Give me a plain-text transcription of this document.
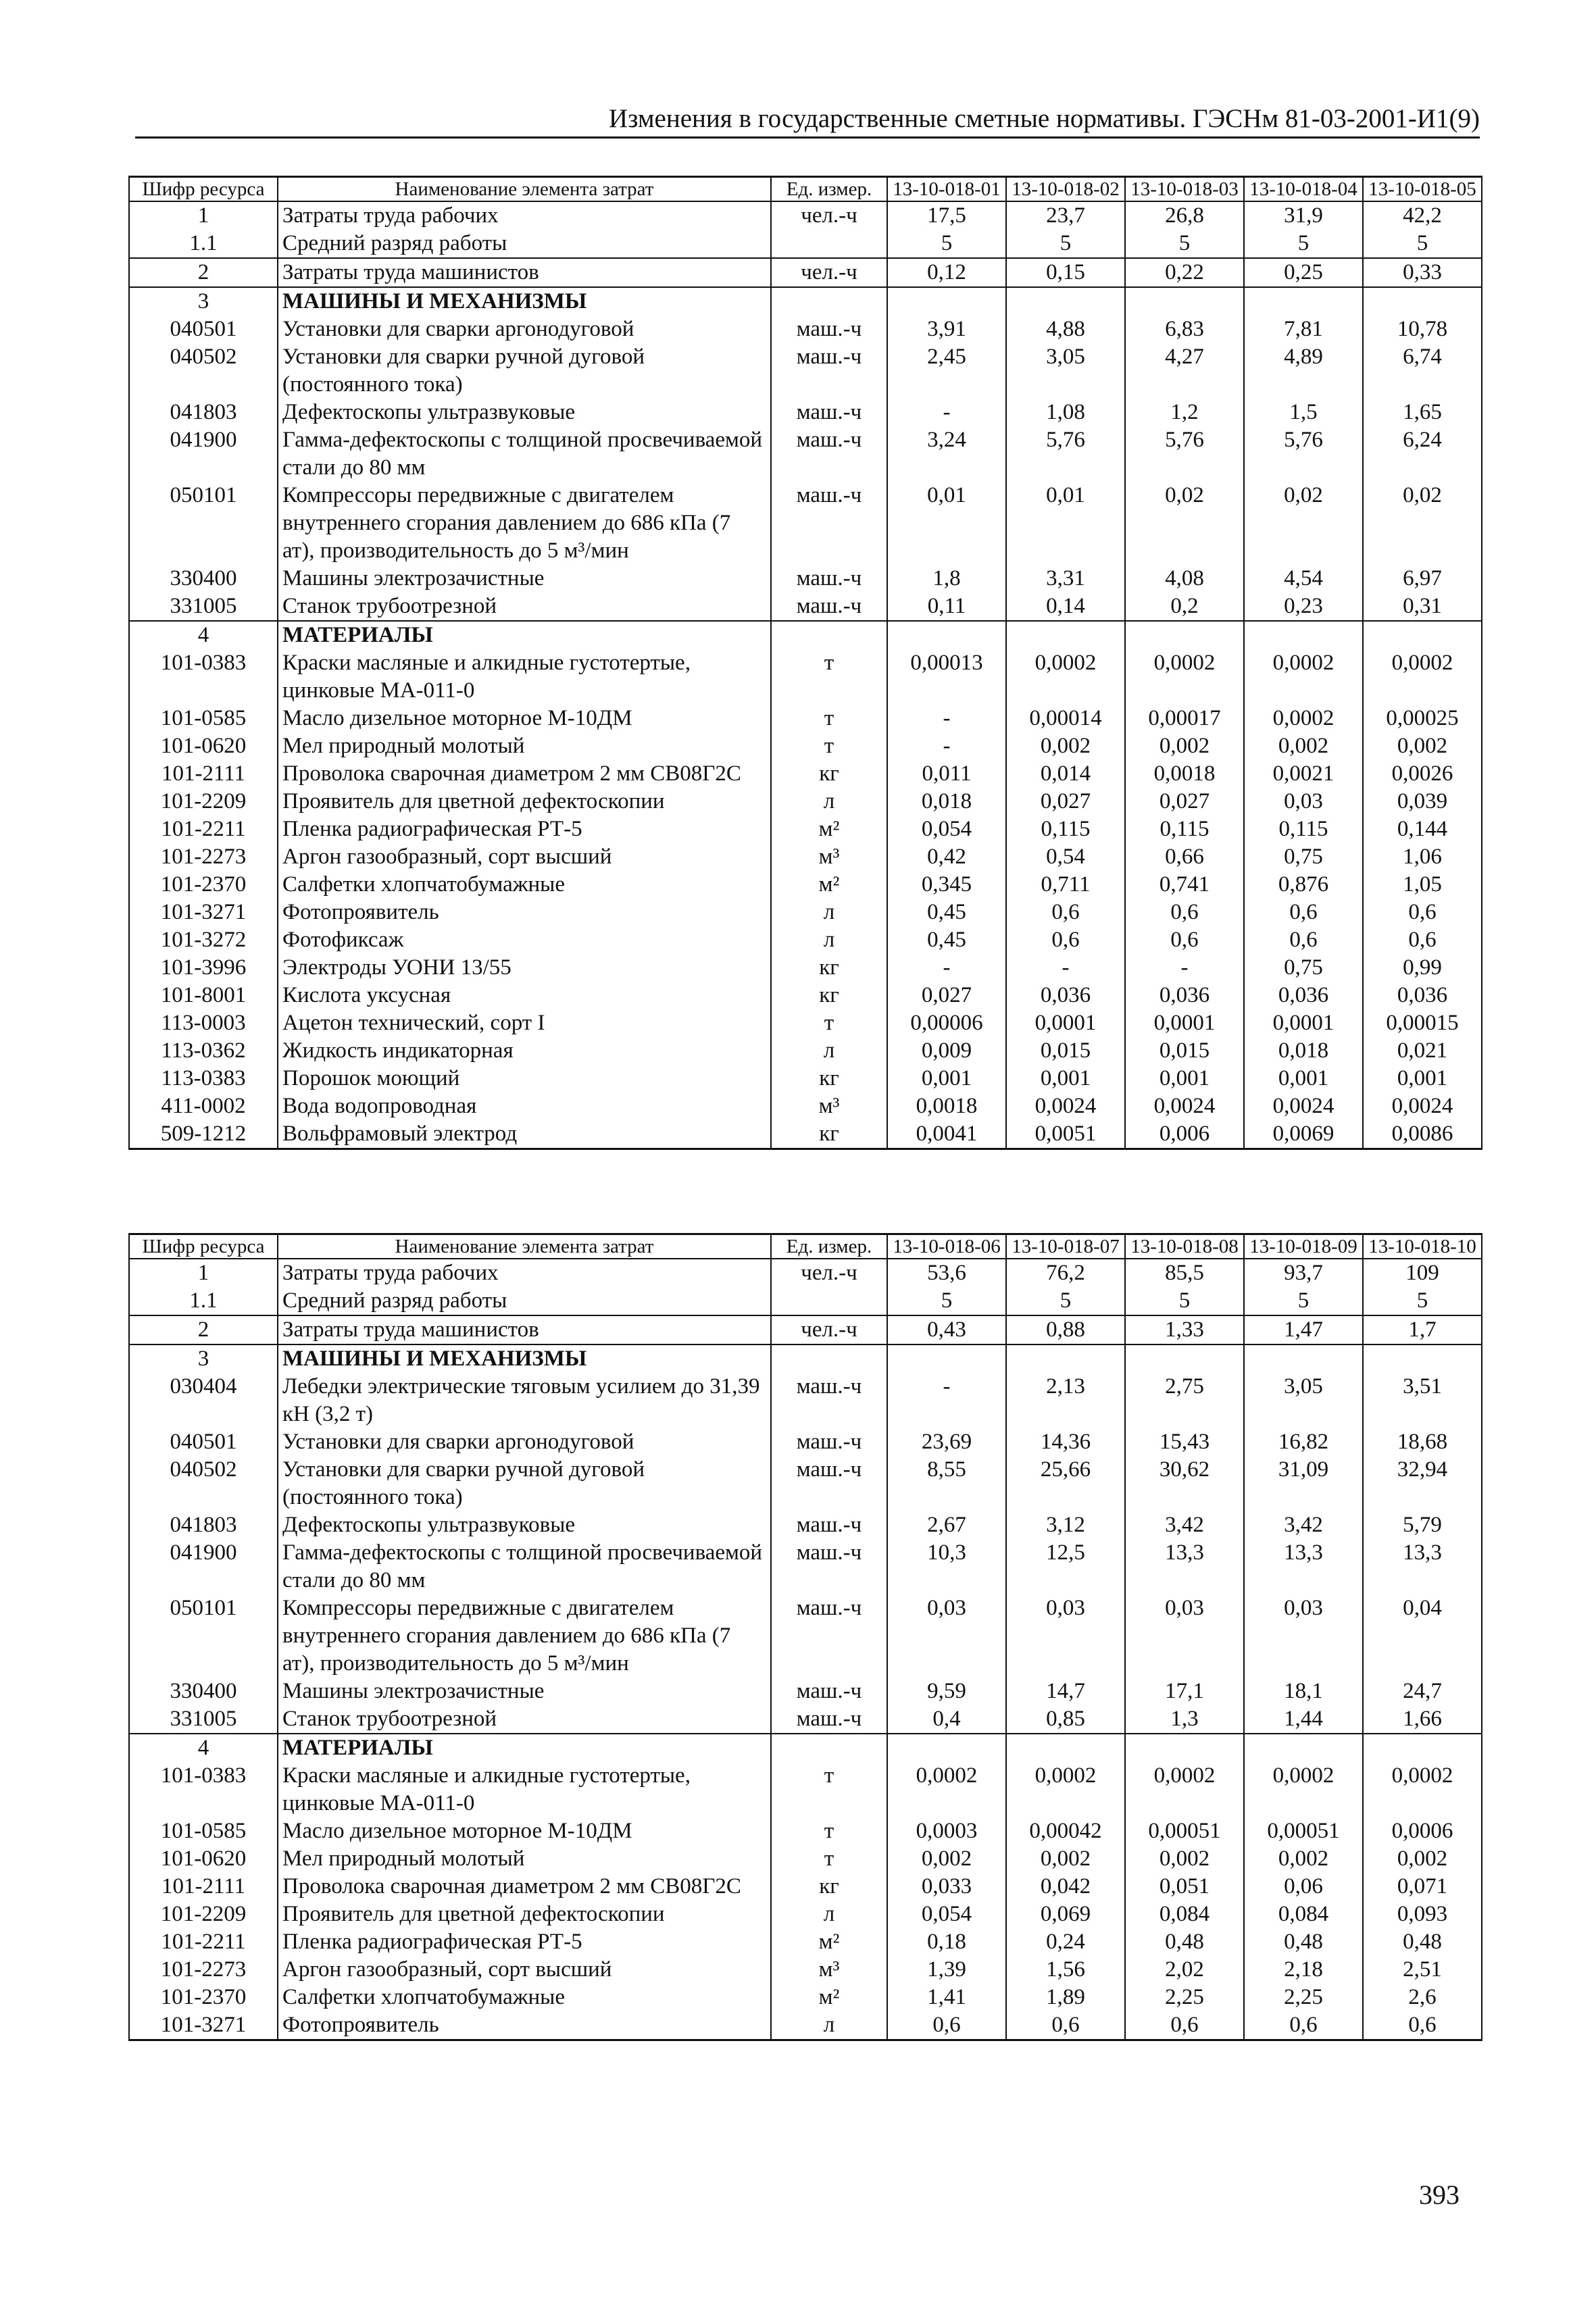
Изменения в государственные сметные нормативы. ГЭСНм 81-03-2001-И1(9)
Шифр ресурса	Наименование элемента затрат	Ед. измер.	13-10-018-01	13-10-018-02	13-10-018-03	13-10-018-04	13-10-018-05
1	Затраты труда рабочих	чел.-ч	17,5	23,7	26,8	31,9	42,2
1.1	Средний разряд работы		5	5	5	5	5
2	Затраты труда машинистов	чел.-ч	0,12	0,15	0,22	0,25	0,33
3	МАШИНЫ И МЕХАНИЗМЫ						
040501	Установки для сварки аргонодуговой	маш.-ч	3,91	4,88	6,83	7,81	10,78
040502	Установки для сварки ручной дуговой (постоянного тока)	маш.-ч	2,45	3,05	4,27	4,89	6,74
041803	Дефектоскопы ультразвуковые	маш.-ч	-	1,08	1,2	1,5	1,65
041900	Гамма-дефектоскопы с толщиной просвечиваемой стали до 80 мм	маш.-ч	3,24	5,76	5,76	5,76	6,24
050101	Компрессоры передвижные с двигателем внутреннего сгорания давлением до 686 кПа (7 ат), производительность до 5 м³/мин	маш.-ч	0,01	0,01	0,02	0,02	0,02
330400	Машины электрозачистные	маш.-ч	1,8	3,31	4,08	4,54	6,97
331005	Станок трубоотрезной	маш.-ч	0,11	0,14	0,2	0,23	0,31
4	МАТЕРИАЛЫ						
101-0383	Краски масляные и алкидные густотертые, цинковые МА-011-0	т	0,00013	0,0002	0,0002	0,0002	0,0002
101-0585	Масло дизельное моторное М-10ДМ	т	-	0,00014	0,00017	0,0002	0,00025
101-0620	Мел природный молотый	т	-	0,002	0,002	0,002	0,002
101-2111	Проволока сварочная диаметром 2 мм СВ08Г2С	кг	0,011	0,014	0,0018	0,0021	0,0026
101-2209	Проявитель для цветной дефектоскопии	л	0,018	0,027	0,027	0,03	0,039
101-2211	Пленка радиографическая РТ-5	м²	0,054	0,115	0,115	0,115	0,144
101-2273	Аргон газообразный, сорт высший	м³	0,42	0,54	0,66	0,75	1,06
101-2370	Салфетки хлопчатобумажные	м²	0,345	0,711	0,741	0,876	1,05
101-3271	Фотопроявитель	л	0,45	0,6	0,6	0,6	0,6
101-3272	Фотофиксаж	л	0,45	0,6	0,6	0,6	0,6
101-3996	Электроды УОНИ 13/55	кг	-	-	-	0,75	0,99
101-8001	Кислота уксусная	кг	0,027	0,036	0,036	0,036	0,036
113-0003	Ацетон технический, сорт I	т	0,00006	0,0001	0,0001	0,0001	0,00015
113-0362	Жидкость индикаторная	л	0,009	0,015	0,015	0,018	0,021
113-0383	Порошок моющий	кг	0,001	0,001	0,001	0,001	0,001
411-0002	Вода водопроводная	м³	0,0018	0,0024	0,0024	0,0024	0,0024
509-1212	Вольфрамовый электрод	кг	0,0041	0,0051	0,006	0,0069	0,0086
Шифр ресурса	Наименование элемента затрат	Ед. измер.	13-10-018-06	13-10-018-07	13-10-018-08	13-10-018-09	13-10-018-10
1	Затраты труда рабочих	чел.-ч	53,6	76,2	85,5	93,7	109
1.1	Средний разряд работы		5	5	5	5	5
2	Затраты труда машинистов	чел.-ч	0,43	0,88	1,33	1,47	1,7
3	МАШИНЫ И МЕХАНИЗМЫ						
030404	Лебедки электрические тяговым усилием до 31,39 кН (3,2 т)	маш.-ч	-	2,13	2,75	3,05	3,51
040501	Установки для сварки аргонодуговой	маш.-ч	23,69	14,36	15,43	16,82	18,68
040502	Установки для сварки ручной дуговой (постоянного тока)	маш.-ч	8,55	25,66	30,62	31,09	32,94
041803	Дефектоскопы ультразвуковые	маш.-ч	2,67	3,12	3,42	3,42	5,79
041900	Гамма-дефектоскопы с толщиной просвечиваемой стали до 80 мм	маш.-ч	10,3	12,5	13,3	13,3	13,3
050101	Компрессоры передвижные с двигателем внутреннего сгорания давлением до 686 кПа (7 ат), производительность до 5 м³/мин	маш.-ч	0,03	0,03	0,03	0,03	0,04
330400	Машины электрозачистные	маш.-ч	9,59	14,7	17,1	18,1	24,7
331005	Станок трубоотрезной	маш.-ч	0,4	0,85	1,3	1,44	1,66
4	МАТЕРИАЛЫ						
101-0383	Краски масляные и алкидные густотертые, цинковые МА-011-0	т	0,0002	0,0002	0,0002	0,0002	0,0002
101-0585	Масло дизельное моторное М-10ДМ	т	0,0003	0,00042	0,00051	0,00051	0,0006
101-0620	Мел природный молотый	т	0,002	0,002	0,002	0,002	0,002
101-2111	Проволока сварочная диаметром 2 мм СВ08Г2С	кг	0,033	0,042	0,051	0,06	0,071
101-2209	Проявитель для цветной дефектоскопии	л	0,054	0,069	0,084	0,084	0,093
101-2211	Пленка радиографическая РТ-5	м²	0,18	0,24	0,48	0,48	0,48
101-2273	Аргон газообразный, сорт высший	м³	1,39	1,56	2,02	2,18	2,51
101-2370	Салфетки хлопчатобумажные	м²	1,41	1,89	2,25	2,25	2,6
101-3271	Фотопроявитель	л	0,6	0,6	0,6	0,6	0,6
393
